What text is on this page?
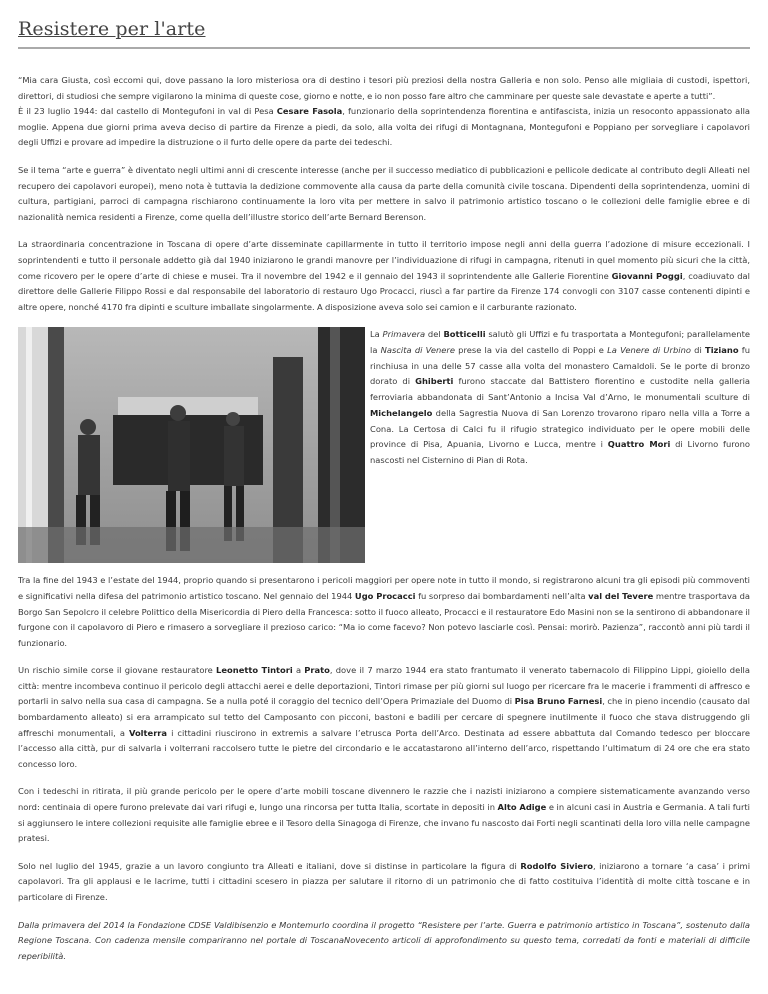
Resistere per l'arte

“Mia cara Giusta, così eccomi qui, dove passano la loro misteriosa ora di destino i tesori più preziosi della nostra Galleria e non solo. Penso alle migliaia di custodi, ispettori, direttori, di studiosi che sempre vigilarono la minima di queste cose, giorno e notte, e io non posso fare altro che camminare per queste sale devastate e aperte a tutti”.
È il 23 luglio 1944: dal castello di Montegufoni in val di Pesa Cesare Fasola, funzionario della soprintendenza fiorentina e antifascista, inizia un resoconto appassionato alla moglie. Appena due giorni prima aveva deciso di partire da Firenze a piedi, da solo, alla volta dei rifugi di Montagnana, Montegufoni e Poppiano per sorvegliare i capolavori degli Uffizi e provare ad impedire la distruzione o il furto delle opere da parte dei tedeschi.

Se il tema “arte e guerra” è diventato negli ultimi anni di crescente interesse (anche per il successo mediatico di pubblicazioni e pellicole dedicate al contributo degli Alleati nel recupero dei capolavori europei), meno nota è tuttavia la dedizione commovente alla causa da parte della comunità civile toscana. Dipendenti della soprintendenza, uomini di cultura, partigiani, parroci di campagna rischiarono continuamente la loro vita per mettere in salvo il patrimonio artistico toscano o le collezioni delle famiglie ebree e di nazionalità nemica residenti a Firenze, come quella dell’illustre storico dell’arte Bernard Berenson.

La straordinaria concentrazione in Toscana di opere d’arte disseminate capillarmente in tutto il territorio impose negli anni della guerra l’adozione di misure eccezionali. I soprintendenti e tutto il personale addetto già dal 1940 iniziarono le grandi manovre per l’individuazione di rifugi in campagna, ritenuti in quel momento più sicuri che la città, come ricovero per le opere d’arte di chiese e musei. Tra il novembre del 1942 e il gennaio del 1943 il soprintendente alle Gallerie Fiorentine Giovanni Poggi, coadiuvato dal direttore delle Gallerie Filippo Rossi e dal responsabile del laboratorio di restauro Ugo Procacci, riuscì a far partire da Firenze 174 convogli con 3107 casse contenenti dipinti e altre opere, nonché 4170 fra dipinti e sculture imballate singolarmente. A disposizione aveva solo sei camion e il carburante razionato.

La Primavera del Botticelli salutò gli Uffizi e fu trasportata a Montegufoni; parallelamente la Nascita di Venere prese la via del castello di Poppi e La Venere di Urbino di Tiziano fu rinchiusa in una delle 57 casse alla volta del monastero Camaldoli. Se le porte di bronzo dorato di Ghiberti furono staccate dal Battistero fiorentino e custodite nella galleria ferroviaria abbandonata di Sant’Antonio a Incisa Val d’Arno, le monumentali sculture di Michelangelo della Sagrestia Nuova di San Lorenzo trovarono riparo nella villa a Torre a Cona. La Certosa di Calci fu il rifugio strategico individuato per le opere mobili delle province di Pisa, Apuania, Livorno e Lucca, mentre i Quattro Mori di Livorno furono nascosti nel Cisternino di Pian di Rota.

Tra la fine del 1943 e l’estate del 1944, proprio quando si presentarono i pericoli maggiori per opere note in tutto il mondo, si registrarono alcuni tra gli episodi più commoventi e significativi nella difesa del patrimonio artistico toscano. Nel gennaio del 1944 Ugo Procacci fu sorpreso dai bombardamenti nell’alta val del Tevere mentre trasportava da Borgo San Sepolcro il celebre Polittico della Misericordia di Piero della Francesca: sotto il fuoco alleato, Procacci e il restauratore Edo Masini non se la sentirono di abbandonare il furgone con il capolavoro di Piero e rimasero a sorvegliare il prezioso carico: “Ma io come facevo? Non potevo lasciarle così. Pensai: morirò. Pazienza”, raccontò anni più tardi il funzionario.

Un rischio simile corse il giovane restauratore Leonetto Tintori a Prato, dove il 7 marzo 1944 era stato frantumato il venerato tabernacolo di Filippino Lippi, gioiello della città: mentre incombeva continuo il pericolo degli attacchi aerei e delle deportazioni, Tintori rimase per più giorni sul luogo per ricercare fra le macerie i frammenti di affresco e portarli in salvo nella sua casa di campagna. Se a nulla poté il coraggio del tecnico dell’Opera Primaziale del Duomo di Pisa Bruno Farnesi, che in pieno incendio (causato dal bombardamento alleato) si era arrampicato sul tetto del Camposanto con picconi, bastoni e badili per cercare di spegnere inutilmente il fuoco che stava distruggendo gli affreschi monumentali, a Volterra i cittadini riuscirono in extremis a salvare l’etrusca Porta dell’Arco. Destinata ad essere abbattuta dal Comando tedesco per bloccare l’accesso alla città, pur di salvarla i volterrani raccolsero tutte le pietre del circondario e le accatastarono all’interno dell’arco, rispettando l’ultimatum di 24 ore che era stato concesso loro.

Con i tedeschi in ritirata, il più grande pericolo per le opere d’arte mobili toscane divennero le razzie che i nazisti iniziarono a compiere sistematicamente avanzando verso nord: centinaia di opere furono prelevate dai vari rifugi e, lungo una rincorsa per tutta Italia, scortate in depositi in Alto Adige e in alcuni casi in Austria e Germania. A tali furti si aggiunsero le intere collezioni requisite alle famiglie ebree e il Tesoro della Sinagoga di Firenze, che invano fu nascosto dai Forti negli scantinati della loro villa nelle campagne pratesi.

Solo nel luglio del 1945, grazie a un lavoro congiunto tra Alleati e italiani, dove si distinse in particolare la figura di Rodolfo Siviero, iniziarono a tornare ‘a casa’ i primi capolavori. Tra gli applausi e le lacrime, tutti i cittadini scesero in piazza per salutare il ritorno di un patrimonio che di fatto costituiva l’identità di molte città toscane e in particolare di Firenze.

Dalla primavera del 2014 la Fondazione CDSE Valdibisenzio e Montemurlo coordina il progetto “Resistere per l’arte. Guerra e patrimonio artistico in Toscana”, sostenuto dalla Regione Toscana. Con cadenza mensile compariranno nel portale di ToscanaNovecento articoli di approfondimento su questo tema, corredati da fonti e materiali di difficile reperibilità.
